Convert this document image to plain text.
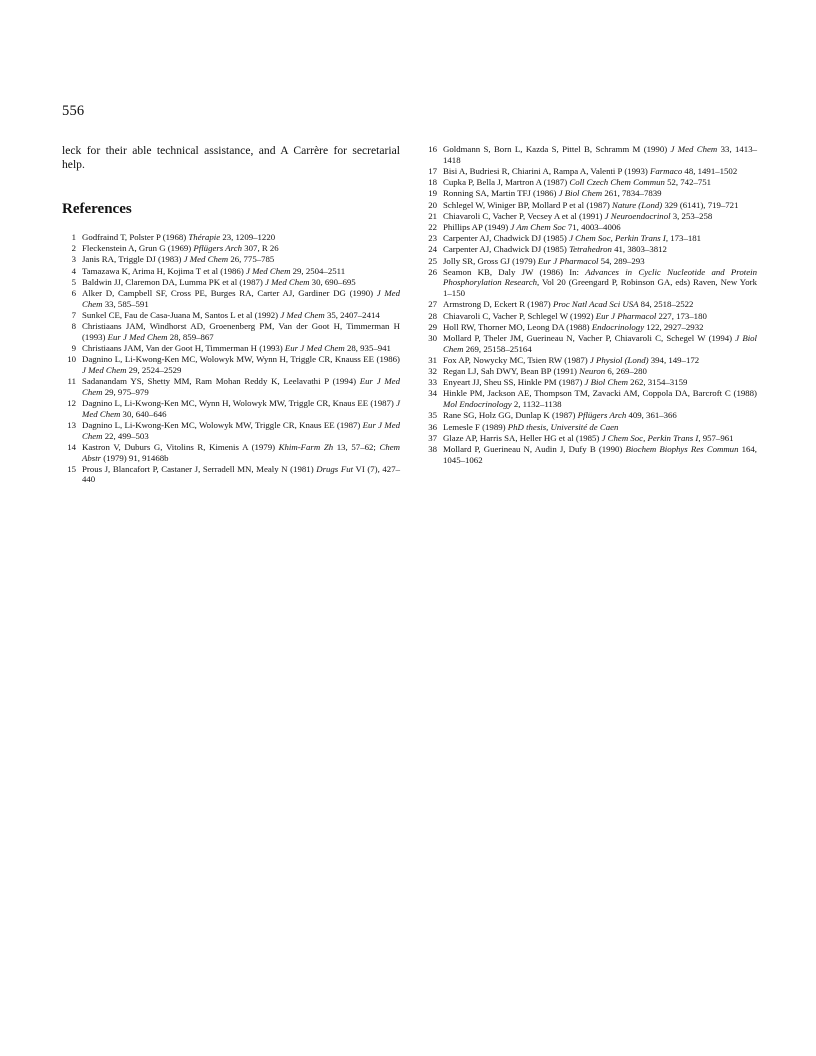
556

leck for their able technical assistance, and A Carrère for secretarial help.

References
1 Godfraind T, Polster P (1968) Thérapie 23, 1209–1220
2 Fleckenstein A, Grun G (1969) Pflügers Arch 307, R 26
3 Janis RA, Triggle DJ (1983) J Med Chem 26, 775–785
4 Tamazawa K, Arima H, Kojima T et al (1986) J Med Chem 29, 2504–2511
5 Baldwin JJ, Claremon DA, Lumma PK et al (1987) J Med Chem 30, 690–695
6 Alker D, Campbell SF, Cross PE, Burges RA, Carter AJ, Gardiner DG (1990) J Med Chem 33, 585–591
7 Sunkel CE, Fau de Casa-Juana M, Santos L et al (1992) J Med Chem 35, 2407–2414
8 Christiaans JAM, Windhorst AD, Groenenberg PM, Van der Goot H, Timmerman H (1993) Eur J Med Chem 28, 859–867
9 Christiaans JAM, Van der Goot H, Timmerman H (1993) Eur J Med Chem 28, 935–941
10 Dagnino L, Li-Kwong-Ken MC, Wolowyk MW, Wynn H, Triggle CR, Knauss EE (1986) J Med Chem 29, 2524–2529
11 Sadanandam YS, Shetty MM, Ram Mohan Reddy K, Leelavathi P (1994) Eur J Med Chem 29, 975–979
12 Dagnino L, Li-Kwong-Ken MC, Wynn H, Wolowyk MW, Triggle CR, Knaus EE (1987) J Med Chem 30, 640–646
13 Dagnino L, Li-Kwong-Ken MC, Wolowyk MW, Triggle CR, Knaus EE (1987) Eur J Med Chem 22, 499–503
14 Kastron V, Duburs G, Vitolins R, Kimenis A (1979) Khim-Farm Zh 13, 57–62; Chem Abstr (1979) 91, 91468b
15 Prous J, Blancafort P, Castaner J, Serradell MN, Mealy N (1981) Drugs Fut VI (7), 427–440
16 Goldmann S, Born L, Kazda S, Pittel B, Schramm M (1990) J Med Chem 33, 1413–1418
17 Bisi A, Budriesi R, Chiarini A, Rampa A, Valenti P (1993) Farmaco 48, 1491–1502
18 Cupka P, Bella J, Martron A (1987) Coll Czech Chem Commun 52, 742–751
19 Ronning SA, Martin TFJ (1986) J Biol Chem 261, 7834–7839
20 Schlegel W, Winiger BP, Mollard P et al (1987) Nature (Lond) 329 (6141), 719–721
21 Chiavaroli C, Vacher P, Vecsey A et al (1991) J Neuroendocrinol 3, 253–258
22 Phillips AP (1949) J Am Chem Soc 71, 4003–4006
23 Carpenter AJ, Chadwick DJ (1985) J Chem Soc, Perkin Trans I, 173–181
24 Carpenter AJ, Chadwick DJ (1985) Tetrahedron 41, 3803–3812
25 Jolly SR, Gross GJ (1979) Eur J Pharmacol 54, 289–293
26 Seamon KB, Daly JW (1986) In: Advances in Cyclic Nucleotide and Protein Phosphorylation Research, Vol 20 (Greengard P, Robinson GA, eds) Raven, New York 1–150
27 Armstrong D, Eckert R (1987) Proc Natl Acad Sci USA 84, 2518–2522
28 Chiavaroli C, Vacher P, Schlegel W (1992) Eur J Pharmacol 227, 173–180
29 Holl RW, Thorner MO, Leong DA (1988) Endocrinology 122, 2927–2932
30 Mollard P, Theler JM, Guerineau N, Vacher P, Chiavaroli C, Schegel W (1994) J Biol Chem 269, 25158–25164
31 Fox AP, Nowycky MC, Tsien RW (1987) J Physiol (Lond) 394, 149–172
32 Regan LJ, Sah DWY, Bean BP (1991) Neuron 6, 269–280
33 Enyeart JJ, Sheu SS, Hinkle PM (1987) J Biol Chem 262, 3154–3159
34 Hinkle PM, Jackson AE, Thompson TM, Zavacki AM, Coppola DA, Barcroft C (1988) Mol Endocrinology 2, 1132–1138
35 Rane SG, Holz GG, Dunlap K (1987) Pflügers Arch 409, 361–366
36 Lemesle F (1989) PhD thesis, Université de Caen
37 Glaze AP, Harris SA, Heller HG et al (1985) J Chem Soc, Perkin Trans I, 957–961
38 Mollard P, Guerineau N, Audin J, Dufy B (1990) Biochem Biophys Res Commun 164, 1045–1062
